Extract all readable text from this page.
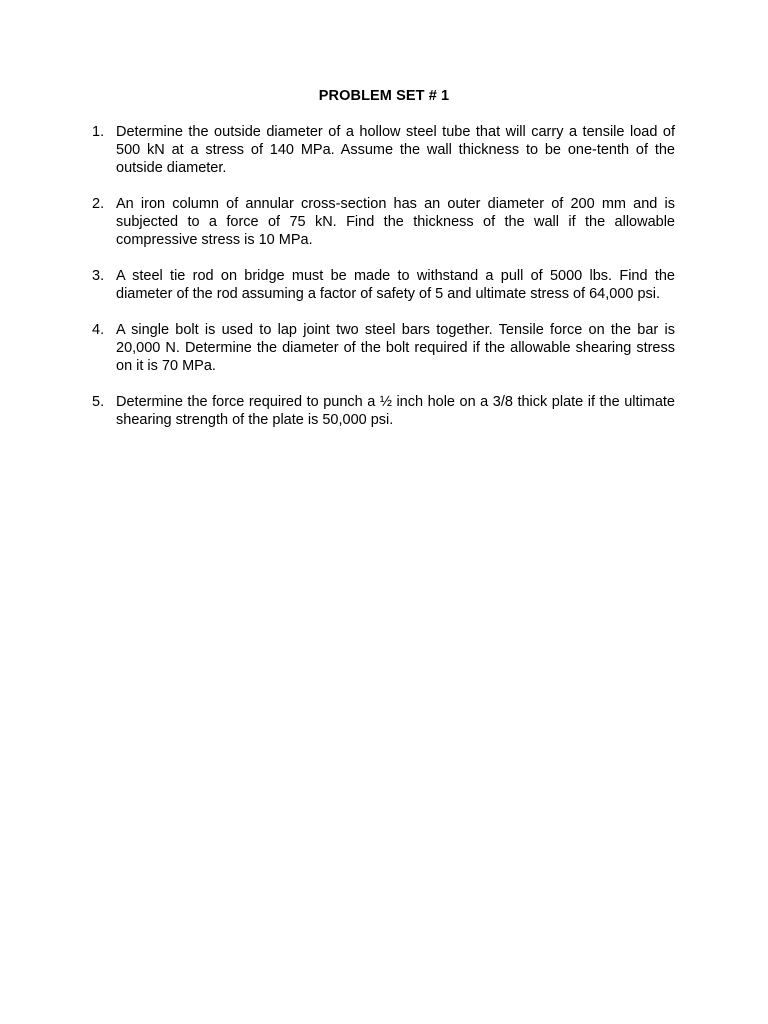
PROBLEM SET # 1
1. Determine the outside diameter of a hollow steel tube that will carry a tensile load of 500 kN at a stress of 140 MPa. Assume the wall thickness to be one-tenth of the outside diameter.
2. An iron column of annular cross-section has an outer diameter of 200 mm and is subjected to a force of 75 kN. Find the thickness of the wall if the allowable compressive stress is 10 MPa.
3. A steel tie rod on bridge must be made to withstand a pull of 5000 lbs. Find the diameter of the rod assuming a factor of safety of 5 and ultimate stress of 64,000 psi.
4. A single bolt is used to lap joint two steel bars together. Tensile force on the bar is 20,000 N. Determine the diameter of the bolt required if the allowable shearing stress on it is 70 MPa.
5. Determine the force required to punch a ½ inch hole on a 3/8 thick plate if the ultimate shearing strength of the plate is 50,000 psi.
